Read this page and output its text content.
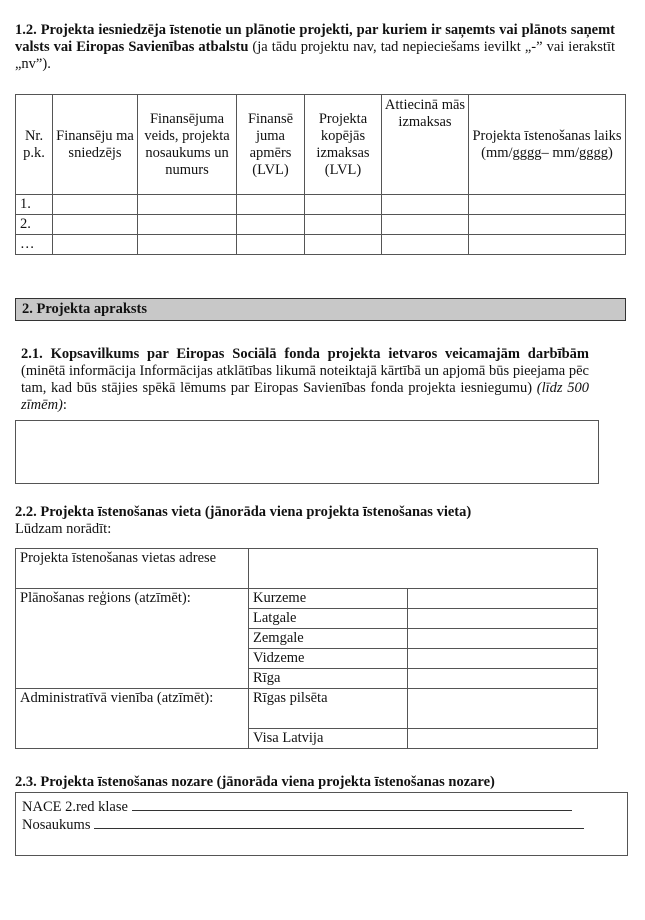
1.2. Projekta iesniedzēja īstenotie un plānotie projekti, par kuriem ir saņemts vai plānots saņemt valsts vai Eiropas Savienības atbalstu (ja tādu projektu nav, tad nepieciešams ievilkt „-” vai ierakstīt „nv”).
Nr. p.k.	Finansēju ma sniedzējs	Finansējuma veids, projekta nosaukums un numurs	Finansē juma apmērs (LVL)	Projekta kopējās izmaksas (LVL)	Attiecinā mās izmaksas	Projekta īstenošanas laiks (mm/gggg– mm/gggg)
1.						
2.						
…						
2. Projekta apraksts
2.1. Kopsavilkums par Eiropas Sociālā fonda projekta ietvaros veicamajām darbībām (minētā informācija Informācijas atklātības likumā noteiktajā kārtībā un apjomā būs pieejama pēc tam, kad būs stājies spēkā lēmums par Eiropas Savienības fonda projekta iesniegumu) (līdz 500 zīmēm):
2.2. Projekta īstenošanas vieta (jānorāda viena projekta īstenošanas vieta)
Lūdzam norādīt:
Projekta īstenošanas vietas adrese		
Plānošanas reģions (atzīmēt):	Kurzeme	
	Latgale	
	Zemgale	
	Vidzeme	
	Rīga	
Administratīvā vienība (atzīmēt):	Rīgas pilsēta	
	Visa Latvija	
2.3. Projekta īstenošanas nozare (jānorāda viena projekta īstenošanas nozare)
NACE 2.red klase
Nosaukums
